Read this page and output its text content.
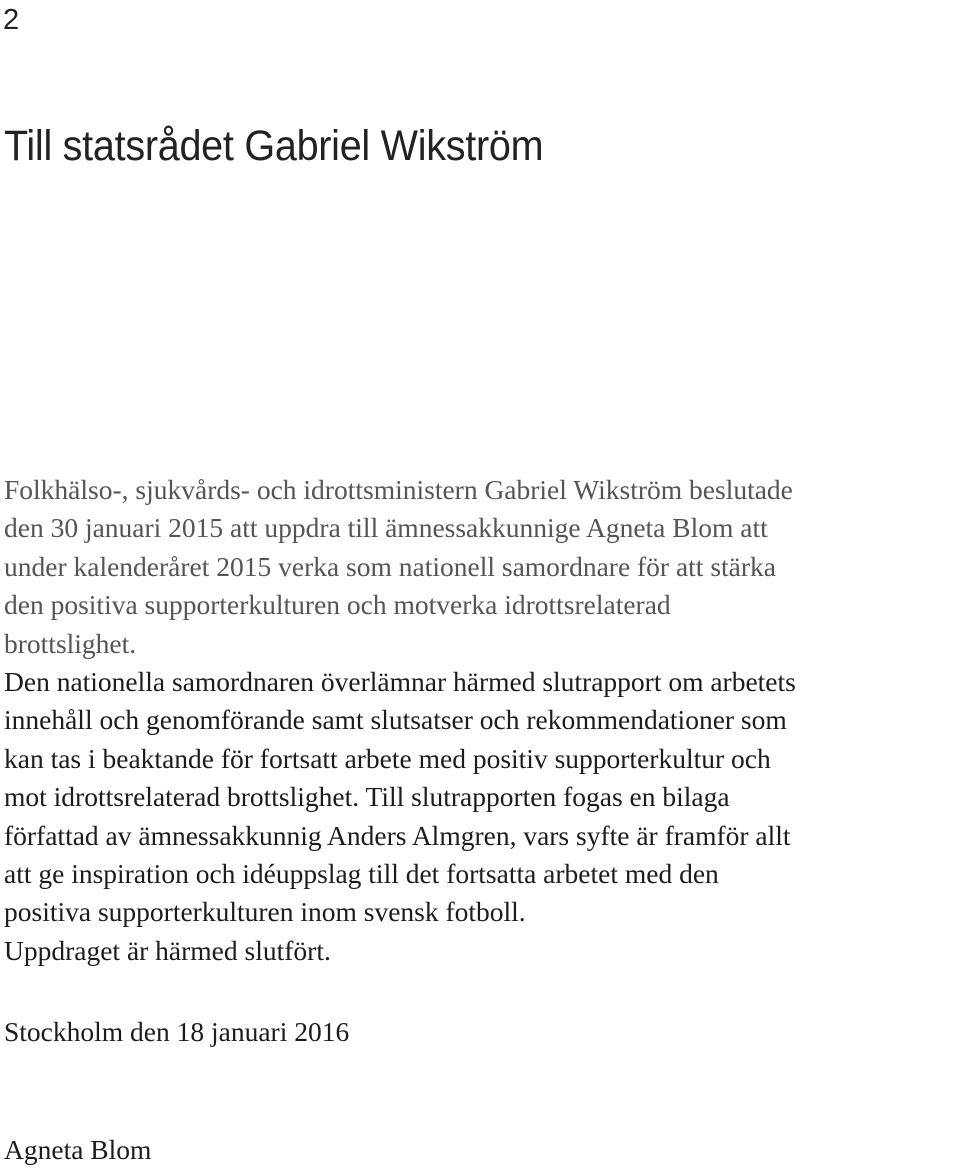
2
Till statsrådet Gabriel Wikström

Folkhälso-, sjukvårds- och idrottsministern Gabriel Wikström beslutade
den 30 januari 2015 att uppdra till ämnessakkunnige Agneta Blom att
under kalenderåret 2015 verka som nationell samordnare för att stärka
den positiva supporterkulturen och motverka idrottsrelaterad
brottslighet.

Den nationella samordnaren överlämnar härmed slutrapport om arbetets
innehåll och genomförande samt slutsatser och rekommendationer som
kan tas i beaktande för fortsatt arbete med positiv supporterkultur och
mot idrottsrelaterad brottslighet. Till slutrapporten fogas en bilaga
författad av ämnessakkunnig Anders Almgren, vars syfte är framför allt
att ge inspiration och idéuppslag till det fortsatta arbetet med den
positiva supporterkulturen inom svensk fotboll.

Uppdraget är härmed slutfört.

Stockholm den 18 januari 2016
Agneta Blom
